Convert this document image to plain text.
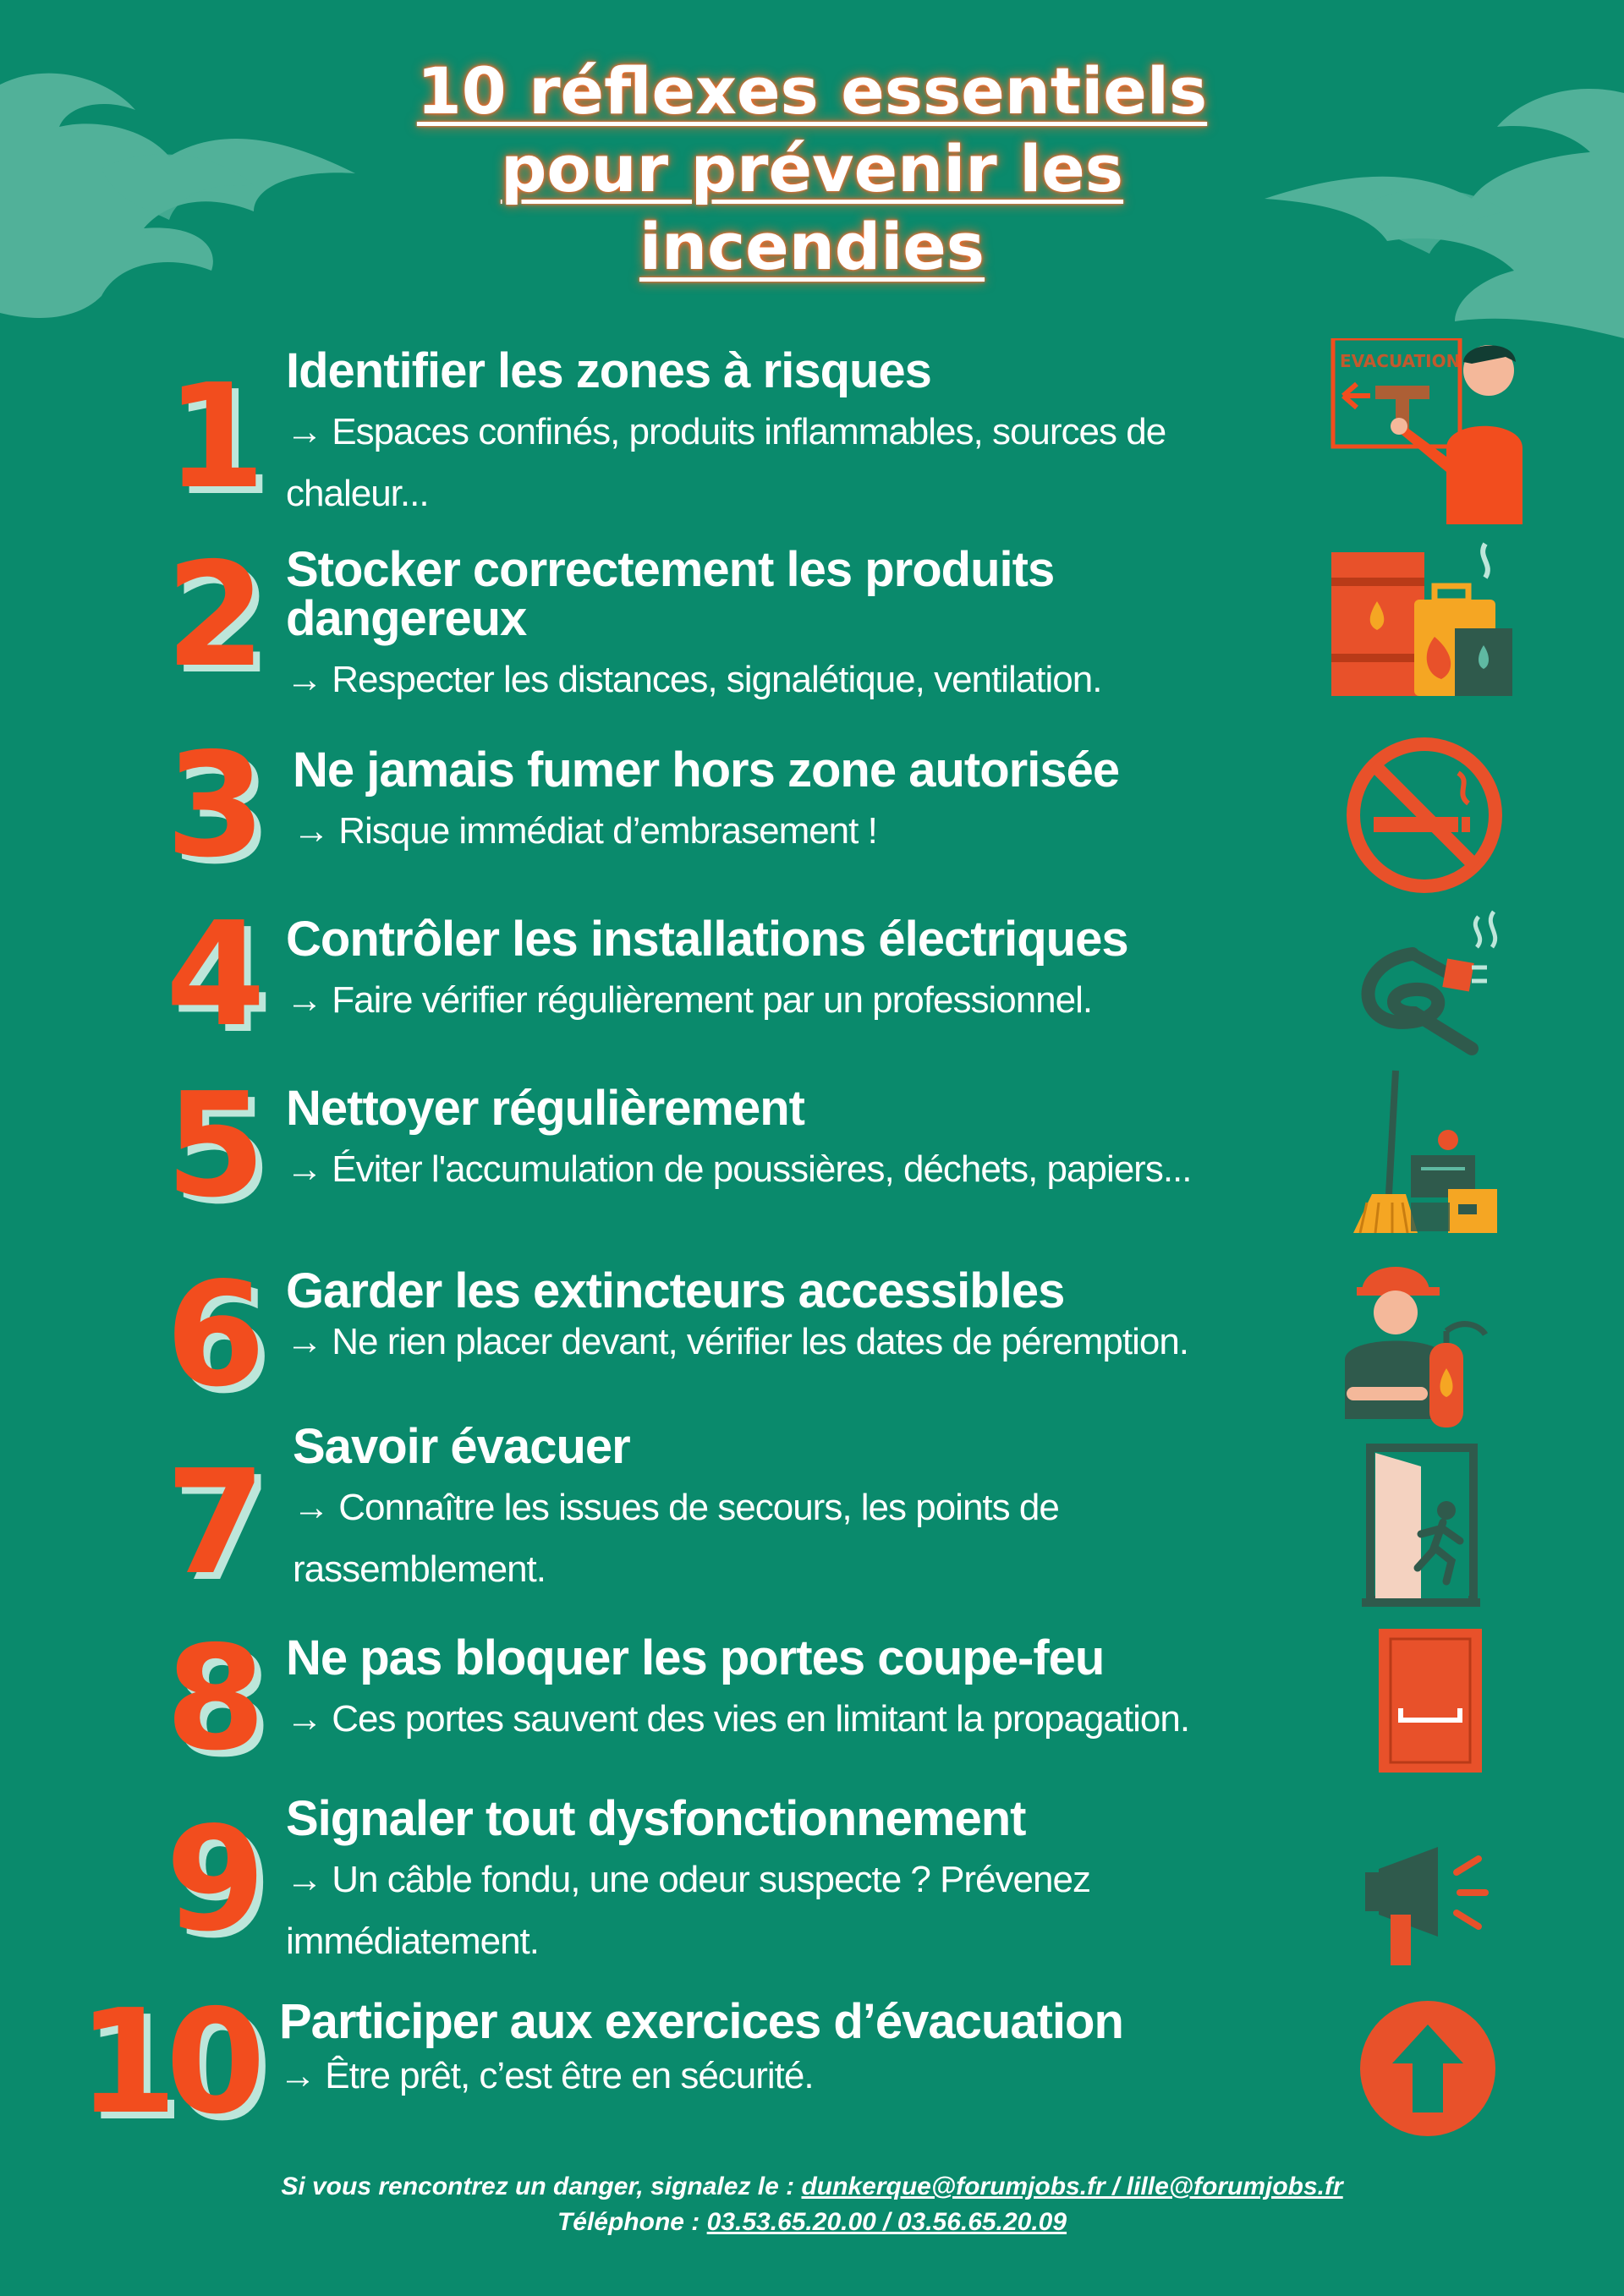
10 réflexes essentiels
pour prévenir les
incendies
1 Identifier les zones à risques

→ Espaces confinés, produits inflammables, sources de chaleur...

EVACUATION
2 Stocker correctement les produits dangereux

→ Respecter les distances, signalétique, ventilation.

3 Ne jamais fumer hors zone autorisée

→ Risque immédiat d’embrasement !

4 Contrôler les installations électriques

→ Faire vérifier régulièrement par un professionnel.

5 Nettoyer régulièrement

→ Éviter l'accumulation de poussières, déchets, papiers...

6 Garder les extincteurs accessibles

→ Ne rien placer devant, vérifier les dates de péremption.

7 Savoir évacuer

→ Connaître les issues de secours, les points de rassemblement.

8 Ne pas bloquer les portes coupe-feu

→ Ces portes sauvent des vies en limitant la propagation.

9 Signaler tout dysfonctionnement

→ Un câble fondu, une odeur suspecte ? Prévenez immédiatement.

10 Participer aux exercices d’évacuation

→ Être prêt, c’est être en sécurité.

Si vous rencontrez un danger, signalez le : dunkerque@forumjobs.fr / lille@forumjobs.fr
Téléphone : 03.53.65.20.00 / 03.56.65.20.09
